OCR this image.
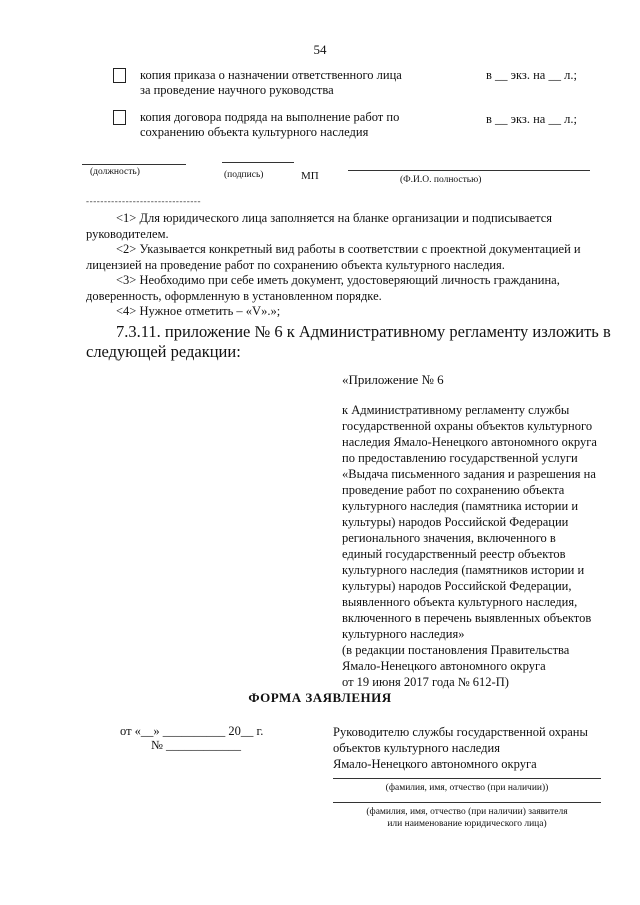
54
копия приказа о назначении ответственного лица
за проведение научного руководства
в __ экз. на __ л.;
копия договора подряда на выполнение работ по
сохранению объекта культурного наследия
в __ экз. на __ л.;
(должность)	(подпись)	МП	(Ф.И.О. полностью)
--------------------------------

<1> Для юридического лица заполняется на бланке организации и подписывается

руководителем.

<2> Указывается конкретный вид работы в соответствии с проектной документацией и

лицензией на проведение работ по сохранению объекта культурного наследия.

<3> Необходимо при себе иметь документ, удостоверяющий личность гражданина,

доверенность, оформленную в установленном порядке.

<4> Нужное отметить – «V».»;

7.3.11. приложение № 6 к Административному регламенту изложить в
следующей редакции:
«Приложение № 6

к Административному регламенту службы

государственной охраны объектов культурного

наследия Ямало-Ненецкого автономного округа

по предоставлению государственной услуги

«Выдача письменного задания и разрешения на

проведение работ по сохранению объекта

культурного наследия (памятника истории и

культуры) народов Российской Федерации

регионального значения, включенного в

единый государственный реестр объектов

культурного наследия (памятников истории и

культуры) народов Российской Федерации,

выявленного объекта культурного наследия,

включенного в перечень выявленных объектов

культурного наследия»

(в редакции постановления Правительства

Ямало-Ненецкого автономного округа

от 19 июня 2017 года № 612-П)

ФОРМА ЗАЯВЛЕНИЯ
от «__» __________ 20__ г.
№ ____________
Руководителю службы государственной охраны
объектов культурного наследия
Ямало-Ненецкого автономного округа
(фамилия, имя, отчество (при наличии))
(фамилия, имя, отчество (при наличии) заявителя
или наименование юридического лица)
